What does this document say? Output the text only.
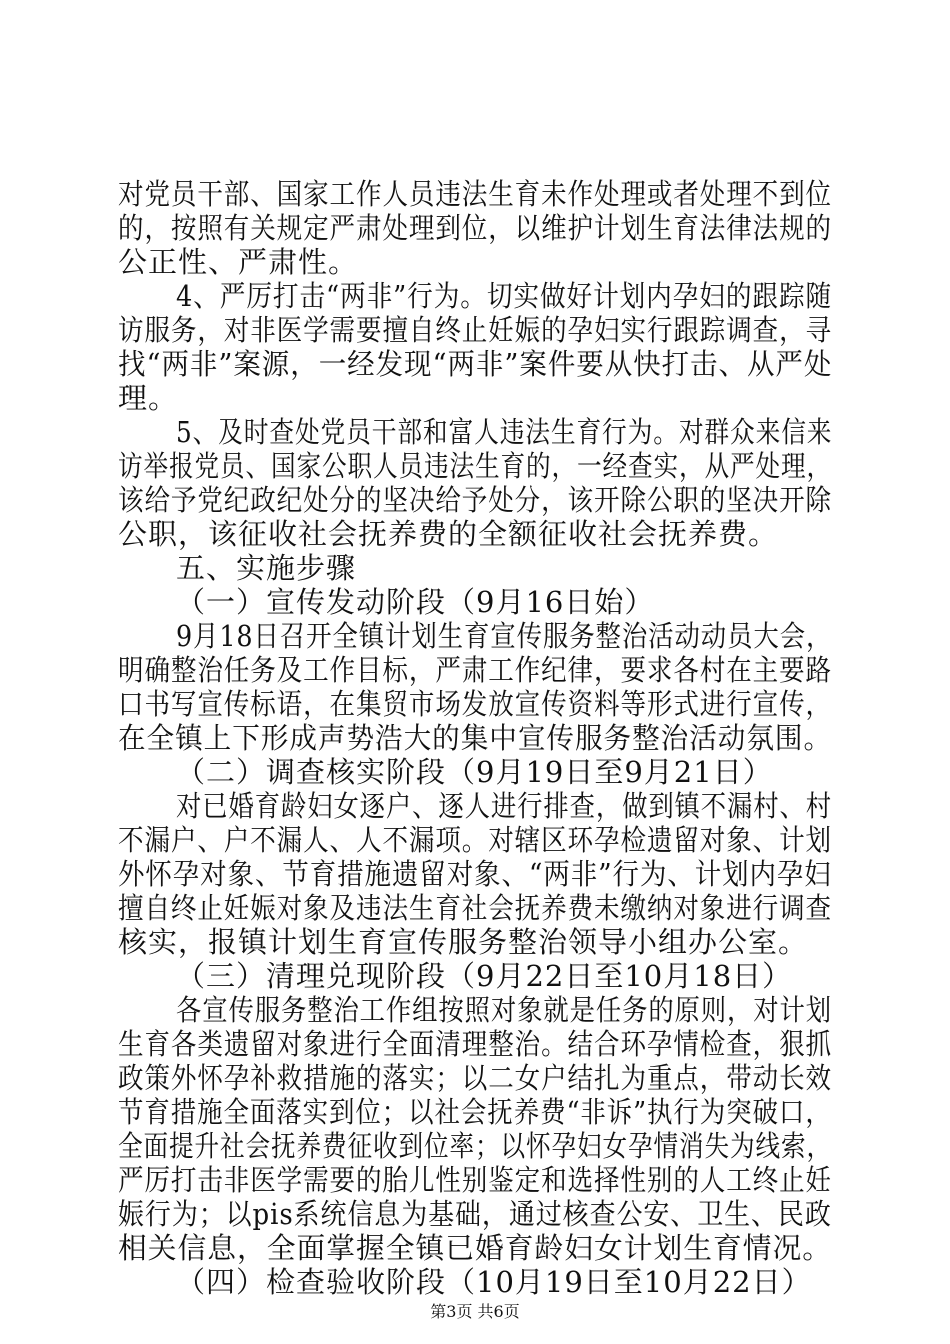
对党员干部、国家工作人员违法生育未作处理或者处理不到位
的，按照有关规定严肃处理到位，以维护计划生育法律法规的
公正性、严肃性。
4、严厉打击“两非”行为。切实做好计划内孕妇的跟踪随
访服务，对非医学需要擅自终止妊娠的孕妇实行跟踪调查，寻
找“两非”案源，一经发现“两非”案件要从快打击、从严处
理。
5、及时查处党员干部和富人违法生育行为。对群众来信来
访举报党员、国家公职人员违法生育的，一经查实，从严处理，
该给予党纪政纪处分的坚决给予处分，该开除公职的坚决开除
公职，该征收社会抚养费的全额征收社会抚养费。
五、实施步骤
（一）宣传发动阶段（9月16日始）
9月18日召开全镇计划生育宣传服务整治活动动员大会，
明确整治任务及工作目标，严肃工作纪律，要求各村在主要路
口书写宣传标语，在集贸市场发放宣传资料等形式进行宣传，
在全镇上下形成声势浩大的集中宣传服务整治活动氛围。
（二）调查核实阶段（9月19日至9月21日）
对已婚育龄妇女逐户、逐人进行排查，做到镇不漏村、村
不漏户、户不漏人、人不漏项。对辖区环孕检遗留对象、计划
外怀孕对象、节育措施遗留对象、“两非”行为、计划内孕妇
擅自终止妊娠对象及违法生育社会抚养费未缴纳对象进行调查
核实，报镇计划生育宣传服务整治领导小组办公室。
（三）清理兑现阶段（9月22日至10月18日）
各宣传服务整治工作组按照对象就是任务的原则，对计划
生育各类遗留对象进行全面清理整治。结合环孕情检查，狠抓
政策外怀孕补救措施的落实；以二女户结扎为重点，带动长效
节育措施全面落实到位；以社会抚养费“非诉”执行为突破口，
全面提升社会抚养费征收到位率；以怀孕妇女孕情消失为线索，
严厉打击非医学需要的胎儿性别鉴定和选择性别的人工终止妊
娠行为；以pis系统信息为基础，通过核查公安、卫生、民政
相关信息，全面掌握全镇已婚育龄妇女计划生育情况。
（四）检查验收阶段（10月19日至10月22日）
第3页 共6页
